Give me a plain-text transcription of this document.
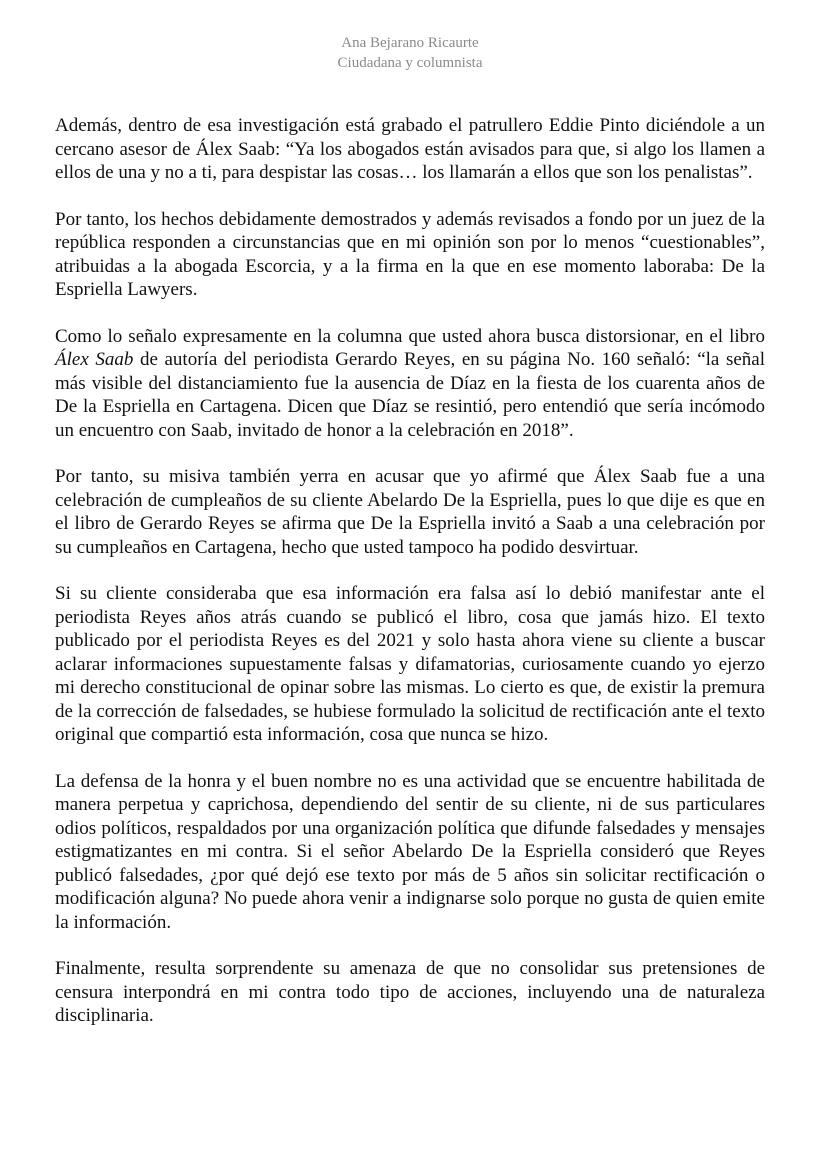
Ana Bejarano Ricaurte
Ciudadana y columnista

Además, dentro de esa investigación está grabado el patrullero Eddie Pinto diciéndole a un cercano asesor de Álex Saab: “Ya los abogados están avisados para que, si algo los llamen a ellos de una y no a ti, para despistar las cosas… los llamarán a ellos que son los penalistas”.

Por tanto, los hechos debidamente demostrados y además revisados a fondo por un juez de la república responden a circunstancias que en mi opinión son por lo menos “cuestionables”, atribuidas a la abogada Escorcia, y a la firma en la que en ese momento laboraba: De la Espriella Lawyers.

Como lo señalo expresamente en la columna que usted ahora busca distorsionar, en el libro Álex Saab de autoría del periodista Gerardo Reyes, en su página No. 160 señaló: “la señal más visible del distanciamiento fue la ausencia de Díaz en la fiesta de los cuarenta años de De la Espriella en Cartagena. Dicen que Díaz se resintió, pero entendió que sería incómodo un encuentro con Saab, invitado de honor a la celebración en 2018”.

Por tanto, su misiva también yerra en acusar que yo afirmé que Álex Saab fue a una celebración de cumpleaños de su cliente Abelardo De la Espriella, pues lo que dije es que en el libro de Gerardo Reyes se afirma que De la Espriella invitó a Saab a una celebración por su cumpleaños en Cartagena, hecho que usted tampoco ha podido desvirtuar.

Si su cliente consideraba que esa información era falsa así lo debió manifestar ante el periodista Reyes años atrás cuando se publicó el libro, cosa que jamás hizo. El texto publicado por el periodista Reyes es del 2021 y solo hasta ahora viene su cliente a buscar aclarar informaciones supuestamente falsas y difamatorias, curiosamente cuando yo ejerzo mi derecho constitucional de opinar sobre las mismas. Lo cierto es que, de existir la premura de la corrección de falsedades, se hubiese formulado la solicitud de rectificación ante el texto original que compartió esta información, cosa que nunca se hizo.

La defensa de la honra y el buen nombre no es una actividad que se encuentre habilitada de manera perpetua y caprichosa, dependiendo del sentir de su cliente, ni de sus particulares odios políticos, respaldados por una organización política que difunde falsedades y mensajes estigmatizantes en mi contra. Si el señor Abelardo De la Espriella consideró que Reyes publicó falsedades, ¿por qué dejó ese texto por más de 5 años sin solicitar rectificación o modificación alguna? No puede ahora venir a indignarse solo porque no gusta de quien emite la información.

Finalmente, resulta sorprendente su amenaza de que no consolidar sus pretensiones de censura interpondrá en mi contra todo tipo de acciones, incluyendo una de naturaleza disciplinaria.
